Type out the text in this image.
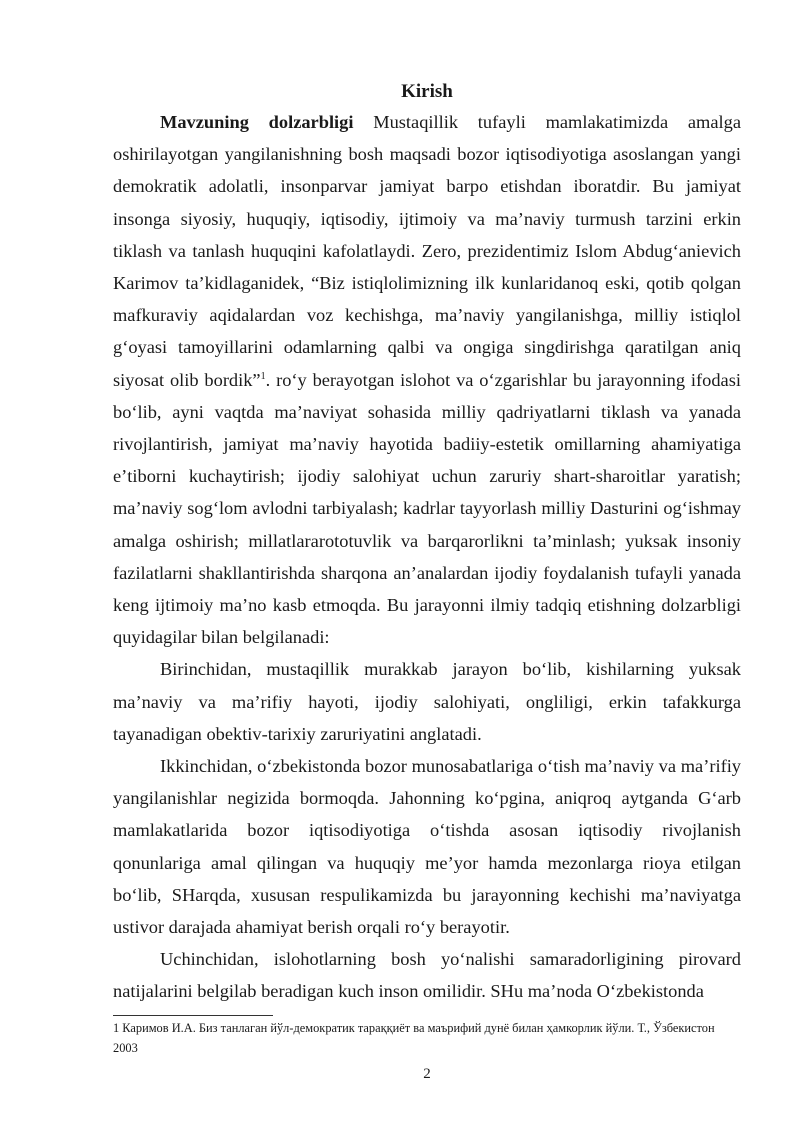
Kirish

Mavzuning dolzarbligi Mustaqillik tufayli mamlakatimizda amalga oshirilayotgan yangilanishning bosh maqsadi bozor iqtisodiyotiga asoslangan yangi demokratik adolatli, insonparvar jamiyat barpo etishdan iboratdir. Bu jamiyat insonga siyosiy, huquqiy, iqtisodiy, ijtimoiy va maʼnaviy turmush tarzini erkin tiklash va tanlash huquqini kafolatlaydi. Zero, prezidentimiz Islom Abdugʻanievich Karimov taʼkidlaganidek, “Biz istiqlolimizning ilk kunlaridanoq eski, qotib qolgan mafkuraviy aqidalardan voz kechishga, maʼnaviy yangilanishga, milliy istiqlol gʻoyasi tamoyillarini odamlarning qalbi va ongiga singdirishga qaratilgan aniq siyosat olib bordik”$^1$. roʻy berayotgan islohot va oʻzgarishlar bu jarayonning ifodasi boʻlib, ayni vaqtda maʼnaviyat sohasida milliy qadriyatlarni tiklash va yanada rivojlantirish, jamiyat maʼnaviy hayotida badiiy-estetik omillarning ahamiyatiga eʼtiborni kuchaytirish; ijodiy salohiyat uchun zaruriy shart-sharoitlar yaratish; maʼnaviy sogʻlom avlodni tarbiyalash; kadrlar tayyorlash milliy Dasturini ogʻishmay amalga oshirish; millatlararototuvlik va barqarorlikni taʼminlash; yuksak insoniy fazilatlarni shakllantirishda sharqona anʼanalardan ijodiy foydalanish tufayli yanada keng ijtimoiy maʼno kasb etmoqda. Bu jarayonni ilmiy tadqiq etishning dolzarbligi quyidagilar bilan belgilanadi:

Birinchidan, mustaqillik murakkab jarayon boʻlib, kishilarning yuksak maʼnaviy va maʼrifiy hayoti, ijodiy salohiyati, ongliligi, erkin tafakkurga tayanadigan obektiv-tarixiy zaruriyatini anglatadi.

Ikkinchidan, oʻzbekistonda bozor munosabatlariga oʻtish maʼnaviy va maʼrifiy yangilanishlar negizida bormoqda. Jahonning koʻpgina, aniqroq aytganda Gʻarb mamlakatlarida bozor iqtisodiyotiga oʻtishda asosan iqtisodiy rivojlanish qonunlariga amal qilingan va huquqiy meʼyor hamda mezonlarga rioya etilgan boʻlib, SHarqda, xususan respulikamizda bu jarayonning kechishi maʼnaviyatga ustivor darajada ahamiyat berish orqali roʻy berayotir.

Uchinchidan, islohotlarning bosh yoʻnalishi samaradorligining pirovard natijalarini belgilab beradigan kuch inson omilidir. SHu maʼnoda Oʻzbekistonda

1 Каримов И.А. Биз танлаган йўл-демократик тараққиёт ва маърифий дунё билан ҳамкорлик йўли. Т., Ўзбекистон 2003
2
